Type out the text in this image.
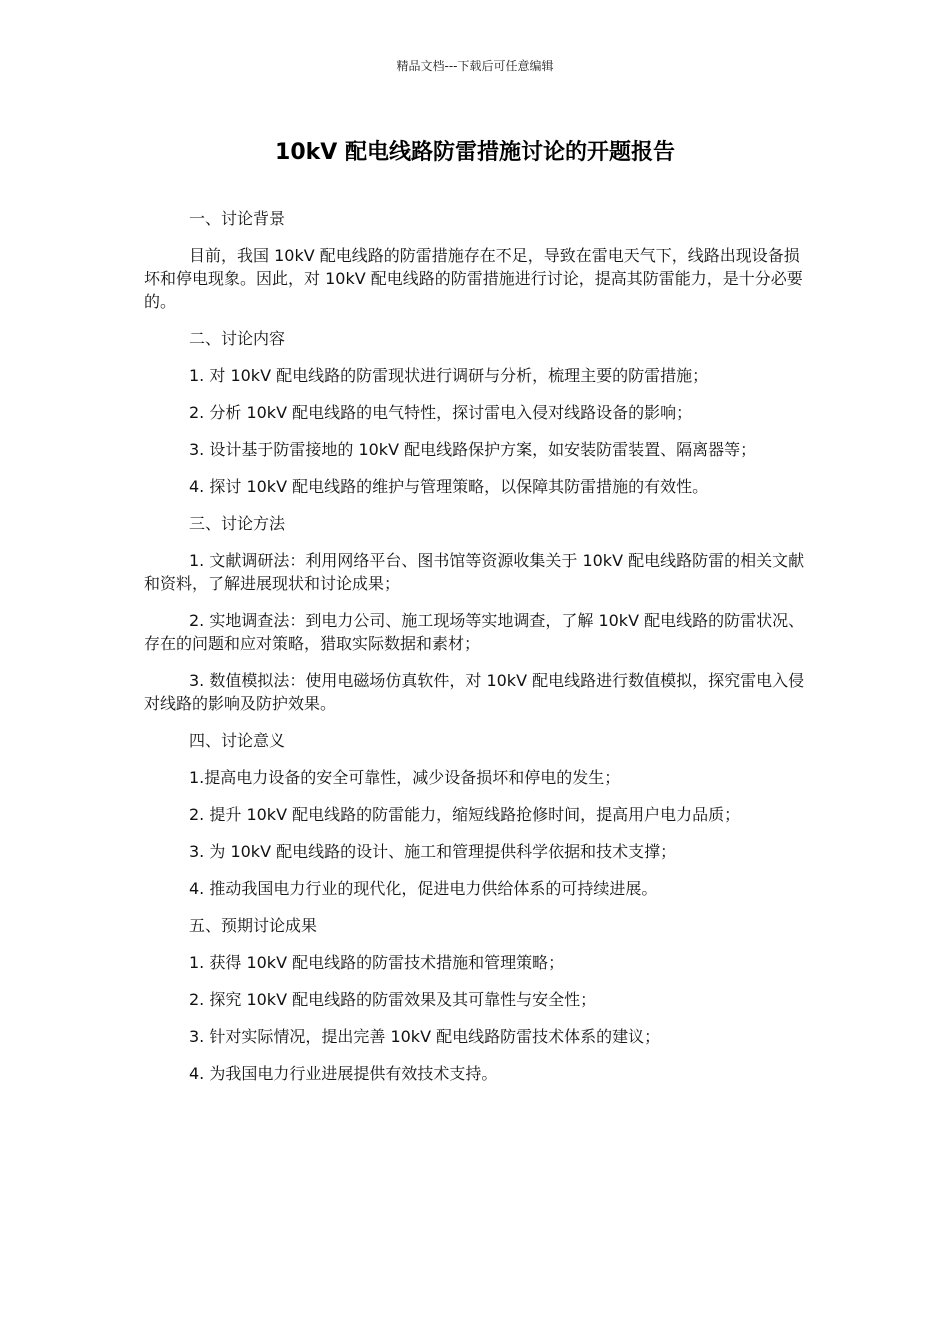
精品文档---下载后可任意编辑
10kV 配电线路防雷措施讨论的开题报告

一、讨论背景

目前，我国 10kV 配电线路的防雷措施存在不足，导致在雷电天气下，线路出现设备损坏和停电现象。因此，对 10kV 配电线路的防雷措施进行讨论，提高其防雷能力，是十分必要的。

二、讨论内容

1. 对 10kV 配电线路的防雷现状进行调研与分析，梳理主要的防雷措施；

2. 分析 10kV 配电线路的电气特性，探讨雷电入侵对线路设备的影响；

3. 设计基于防雷接地的 10kV 配电线路保护方案，如安装防雷装置、隔离器等；

4. 探讨 10kV 配电线路的维护与管理策略，以保障其防雷措施的有效性。

三、讨论方法

1. 文献调研法：利用网络平台、图书馆等资源收集关于 10kV 配电线路防雷的相关文献和资料，了解进展现状和讨论成果；

2. 实地调查法：到电力公司、施工现场等实地调查，了解 10kV 配电线路的防雷状况、存在的问题和应对策略，猎取实际数据和素材；

3. 数值模拟法：使用电磁场仿真软件，对 10kV 配电线路进行数值模拟，探究雷电入侵对线路的影响及防护效果。

四、讨论意义

1.提高电力设备的安全可靠性，减少设备损坏和停电的发生；

2. 提升 10kV 配电线路的防雷能力，缩短线路抢修时间，提高用户电力品质；

3. 为 10kV 配电线路的设计、施工和管理提供科学依据和技术支撑；

4. 推动我国电力行业的现代化，促进电力供给体系的可持续进展。

五、预期讨论成果

1. 获得 10kV 配电线路的防雷技术措施和管理策略；

2. 探究 10kV 配电线路的防雷效果及其可靠性与安全性；

3. 针对实际情况，提出完善 10kV 配电线路防雷技术体系的建议；

4. 为我国电力行业进展提供有效技术支持。
